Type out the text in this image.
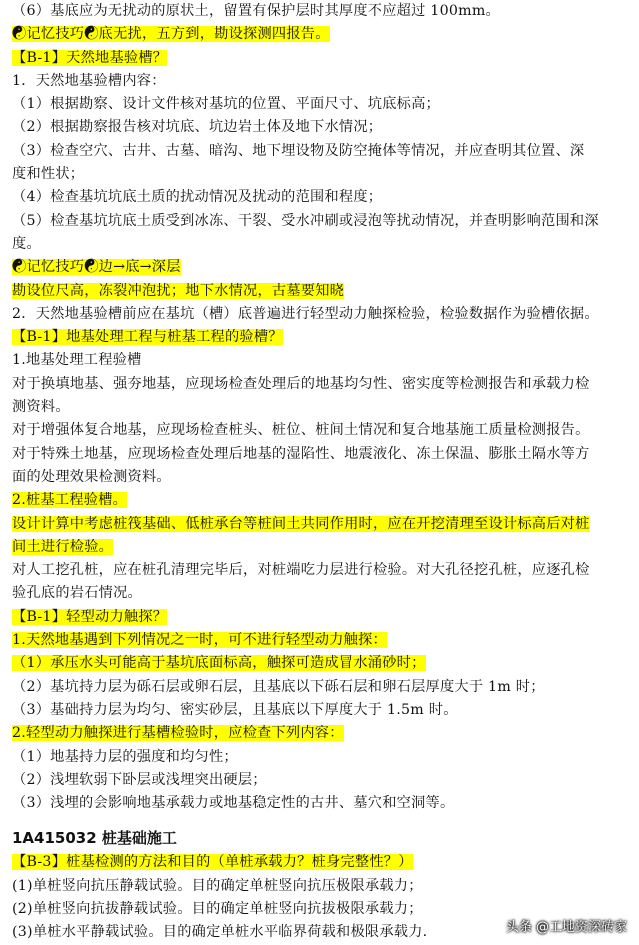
（6）基底应为无扰动的原状土，留置有保护层时其厚度不应超过 100mm。
☯记忆技巧☯底无扰，五方到，勘设探测四报告。
【B-1】天然地基验槽？
1．天然地基验槽内容：
（1）根据勘察、设计文件核对基坑的位置、平面尺寸、坑底标高；
（2）根据勘察报告核对坑底、坑边岩土体及地下水情况；
（3）检查空穴、古井、古墓、暗沟、地下埋设物及防空掩体等情况，并应查明其位置、深
度和性状；
（4）检查基坑坑底土质的扰动情况及扰动的范围和程度；
（5）检查基坑坑底土质受到冰冻、干裂、受水冲刷或浸泡等扰动情况，并查明影响范围和深
度。
☯记忆技巧☯边→底→深层
勘设位尺高，冻裂冲泡扰；地下水情况，古墓要知晓
2．天然地基验槽前应在基坑（槽）底普遍进行轻型动力触探检验，检验数据作为验槽依据。
【B-1】地基处理工程与桩基工程的验槽？
1.地基处理工程验槽
对于换填地基、强夯地基，应现场检查处理后的地基均匀性、密实度等检测报告和承载力检
测资料。
对于增强体复合地基，应现场检查桩头、桩位、桩间土情况和复合地基施工质量检测报告。
对于特殊土地基，应现场检查处理后地基的湿陷性、地震液化、冻土保温、膨胀土隔水等方
面的处理效果检测资料。
2.桩基工程验槽。
设计计算中考虑桩筏基础、低桩承台等桩间土共同作用时，应在开挖清理至设计标高后对桩
间土进行检验。
对人工挖孔桩，应在桩孔清理完毕后，对桩端吃力层进行检验。对大孔径挖孔桩，应逐孔检
验孔底的岩石情况。
【B-1】轻型动力触探？
1.天然地基遇到下列情况之一时，可不进行轻型动力触探：
（1）承压水头可能高于基坑底面标高，触探可造成冒水涌砂时；
（2）基坑持力层为砾石层或卵石层，且基底以下砾石层和卵石层厚度大于 1m 时；
（3）基础持力层为均匀、密实砂层，且基底以下厚度大于 1.5m 时。
2.轻型动力触探进行基槽检验时，应检查下列内容：
（1）地基持力层的强度和均匀性；
（2）浅埋软弱下卧层或浅埋突出硬层；
（3）浅埋的会影响地基承载力或地基稳定性的古井、墓穴和空洞等。
1A415032 桩基础施工
【B-3】桩基检测的方法和目的（单桩承载力？桩身完整性？）
(1)单桩竖向抗压静载试验。目的确定单桩竖向抗压极限承载力；
(2)单桩竖向抗拔静载试验。目的确定单桩竖向抗拔极限承载力；
(3)单桩水平静载试验。目的确定单桩水平临界荷载和极限承载力.	头条 @工地资深砖家
